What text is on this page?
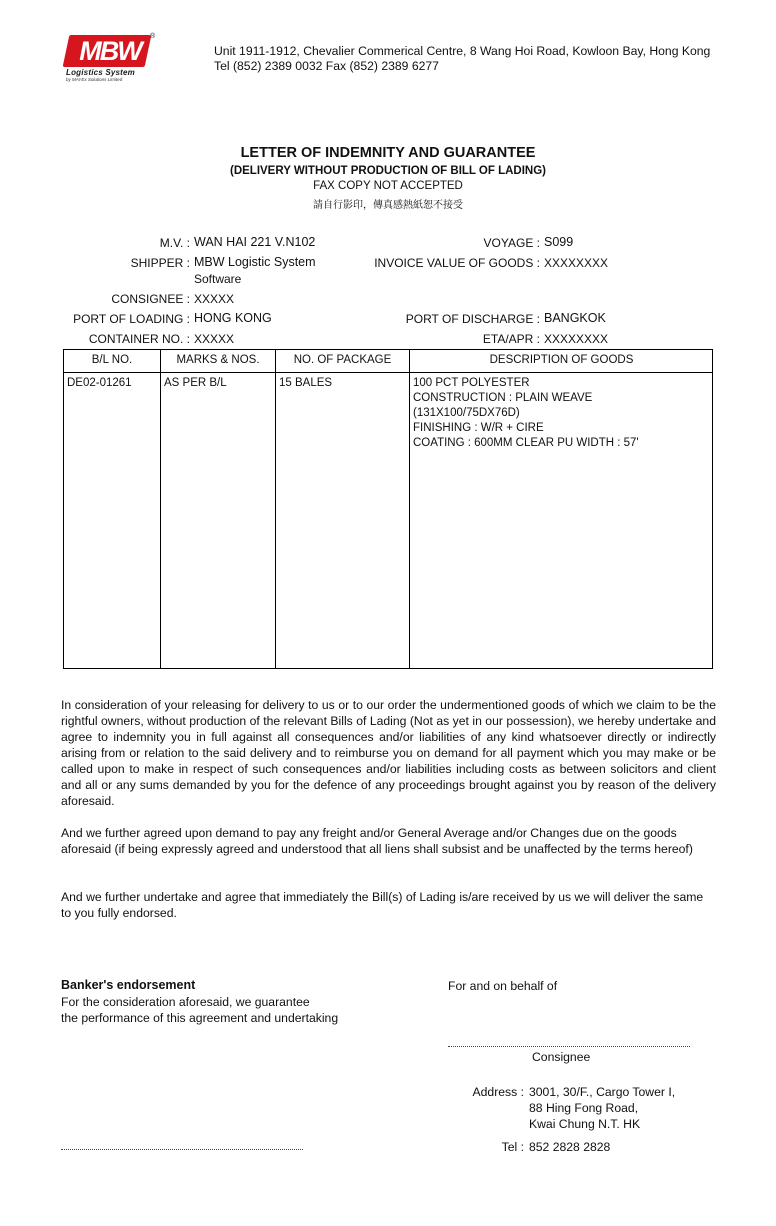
MBW	®
Logistics System
by MAYEx Solutions Limited
Unit 1911-1912, Chevalier Commerical Centre, 8 Wang Hoi Road, Kowloon Bay, Hong Kong
Tel (852) 2389 0032 Fax (852) 2389 6277
LETTER OF INDEMNITY AND GUARANTEE
(DELIVERY WITHOUT PRODUCTION OF BILL OF LADING)
FAX COPY NOT ACCEPTED
請自行影印，傳真感熱紙恕不接受
M.V. : WAN HAI 221 V.N102
SHIPPER : MBW Logistic System
Software
CONSIGNEE : XXXXX
PORT OF LOADING : HONG KONG
CONTAINER NO. : XXXXX
VOYAGE : S099
INVOICE VALUE OF GOODS : XXXXXXXX
PORT OF DISCHARGE : BANGKOK
ETA/APR : XXXXXXXX
B/L NO.	MARKS & NOS.	NO. OF PACKAGE	DESCRIPTION OF GOODS
DE02-01261	AS PER B/L	15 BALES	100 PCT POLYESTER
CONSTRUCTION : PLAIN WEAVE
(131X100/75DX76D)
FINISHING : W/R + CIRE
COATING : 600MM CLEAR PU WIDTH : 57'
In consideration of your releasing for delivery to us or to our order the undermentioned goods of which we claim to be the rightful owners, without production of the relevant Bills of Lading (Not as yet in our possession), we hereby undertake and agree to indemnity you in full against all consequences and/or liabilities of any kind whatsoever directly or indirectly arising from or relation to the said delivery and to reimburse you on demand for all payment which you may make or be called upon to make in respect of such consequences and/or liabilities including costs as between solicitors and client and all or any sums demanded by you for the defence of any proceedings brought against you by reason of the delivery aforesaid.
And we further agreed upon demand to pay any freight and/or General Average and/or Changes due on the goods aforesaid (if being expressly agreed and understood that all liens shall subsist and be unaffected by the terms hereof)
And we further undertake and agree that immediately the Bill(s) of Lading is/are received by us we will deliver the same to you fully endorsed.
Banker's endorsement
For the consideration aforesaid, we guarantee
the performance of this agreement and undertaking
For and on behalf of
Consignee
Address : 3001, 30/F., Cargo Tower I,
88 Hing Fong Road,
Kwai Chung N.T. HK
Tel : 852 2828 2828
